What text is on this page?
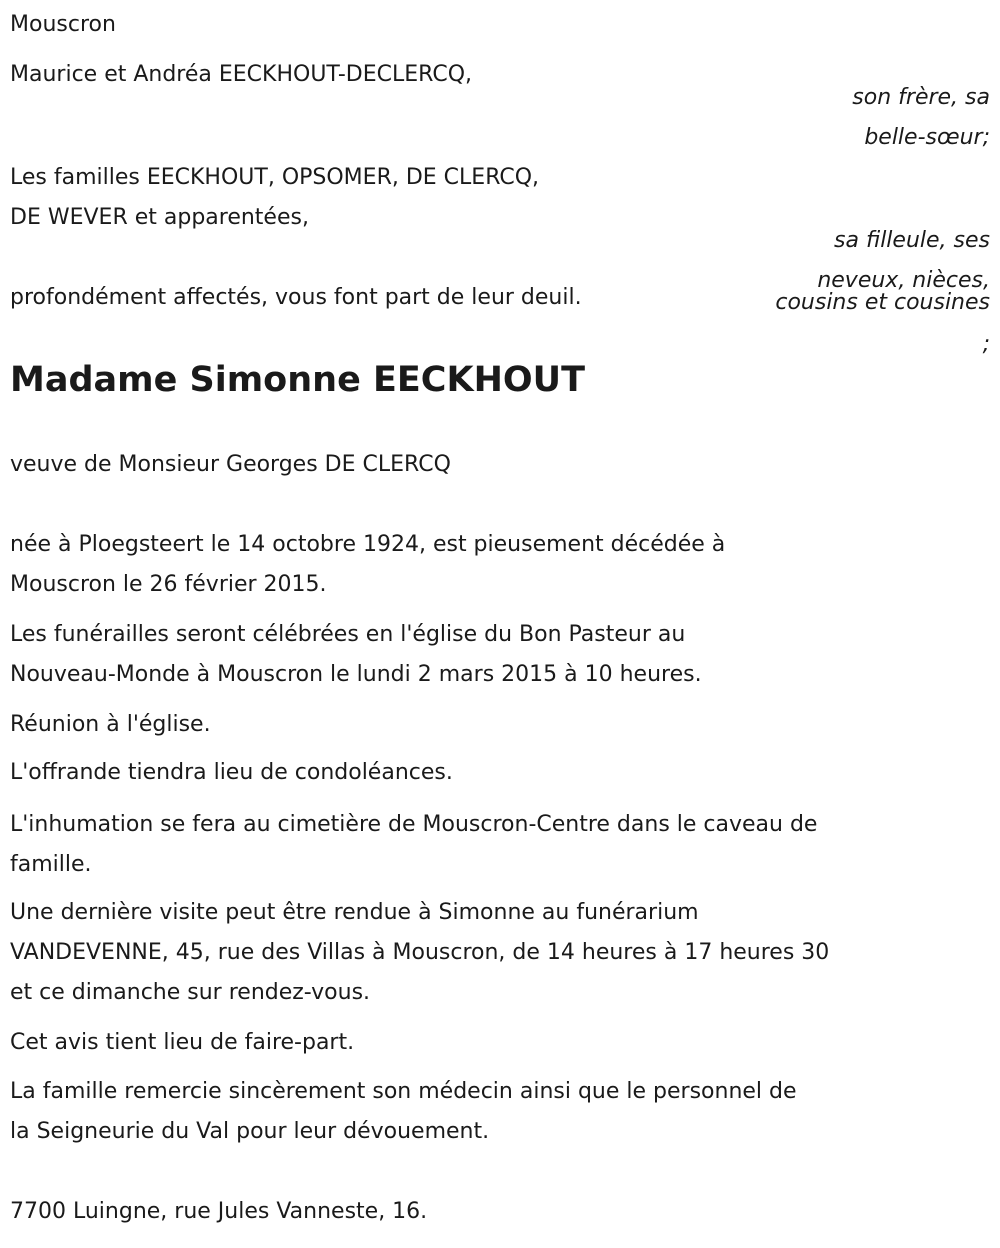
Mouscron
Maurice et Andréa EECKHOUT-DECLERCQ,
son frère, sa
belle-sœur;
Les familles EECKHOUT, OPSOMER, DE CLERCQ,
DE WEVER et apparentées,
sa filleule, ses
neveux, nièces,
cousins et cousines
;
profondément affectés, vous font part de leur deuil.
Madame Simonne EECKHOUT
veuve de Monsieur Georges DE CLERCQ
née à Ploegsteert le 14 octobre 1924, est pieusement décédée à
Mouscron le 26 février 2015.
Les funérailles seront célébrées en l'église du Bon Pasteur au
Nouveau-Monde à Mouscron le lundi 2 mars 2015 à 10 heures.
Réunion à l'église.
L'offrande tiendra lieu de condoléances.
L'inhumation se fera au cimetière de Mouscron-Centre dans le caveau de
famille.
Une dernière visite peut être rendue à Simonne au funérarium
VANDEVENNE, 45, rue des Villas à Mouscron, de 14 heures à 17 heures 30
et ce dimanche sur rendez-vous.
Cet avis tient lieu de faire-part.
La famille remercie sincèrement son médecin ainsi que le personnel de
la Seigneurie du Val pour leur dévouement.
7700 Luingne, rue Jules Vanneste, 16.
